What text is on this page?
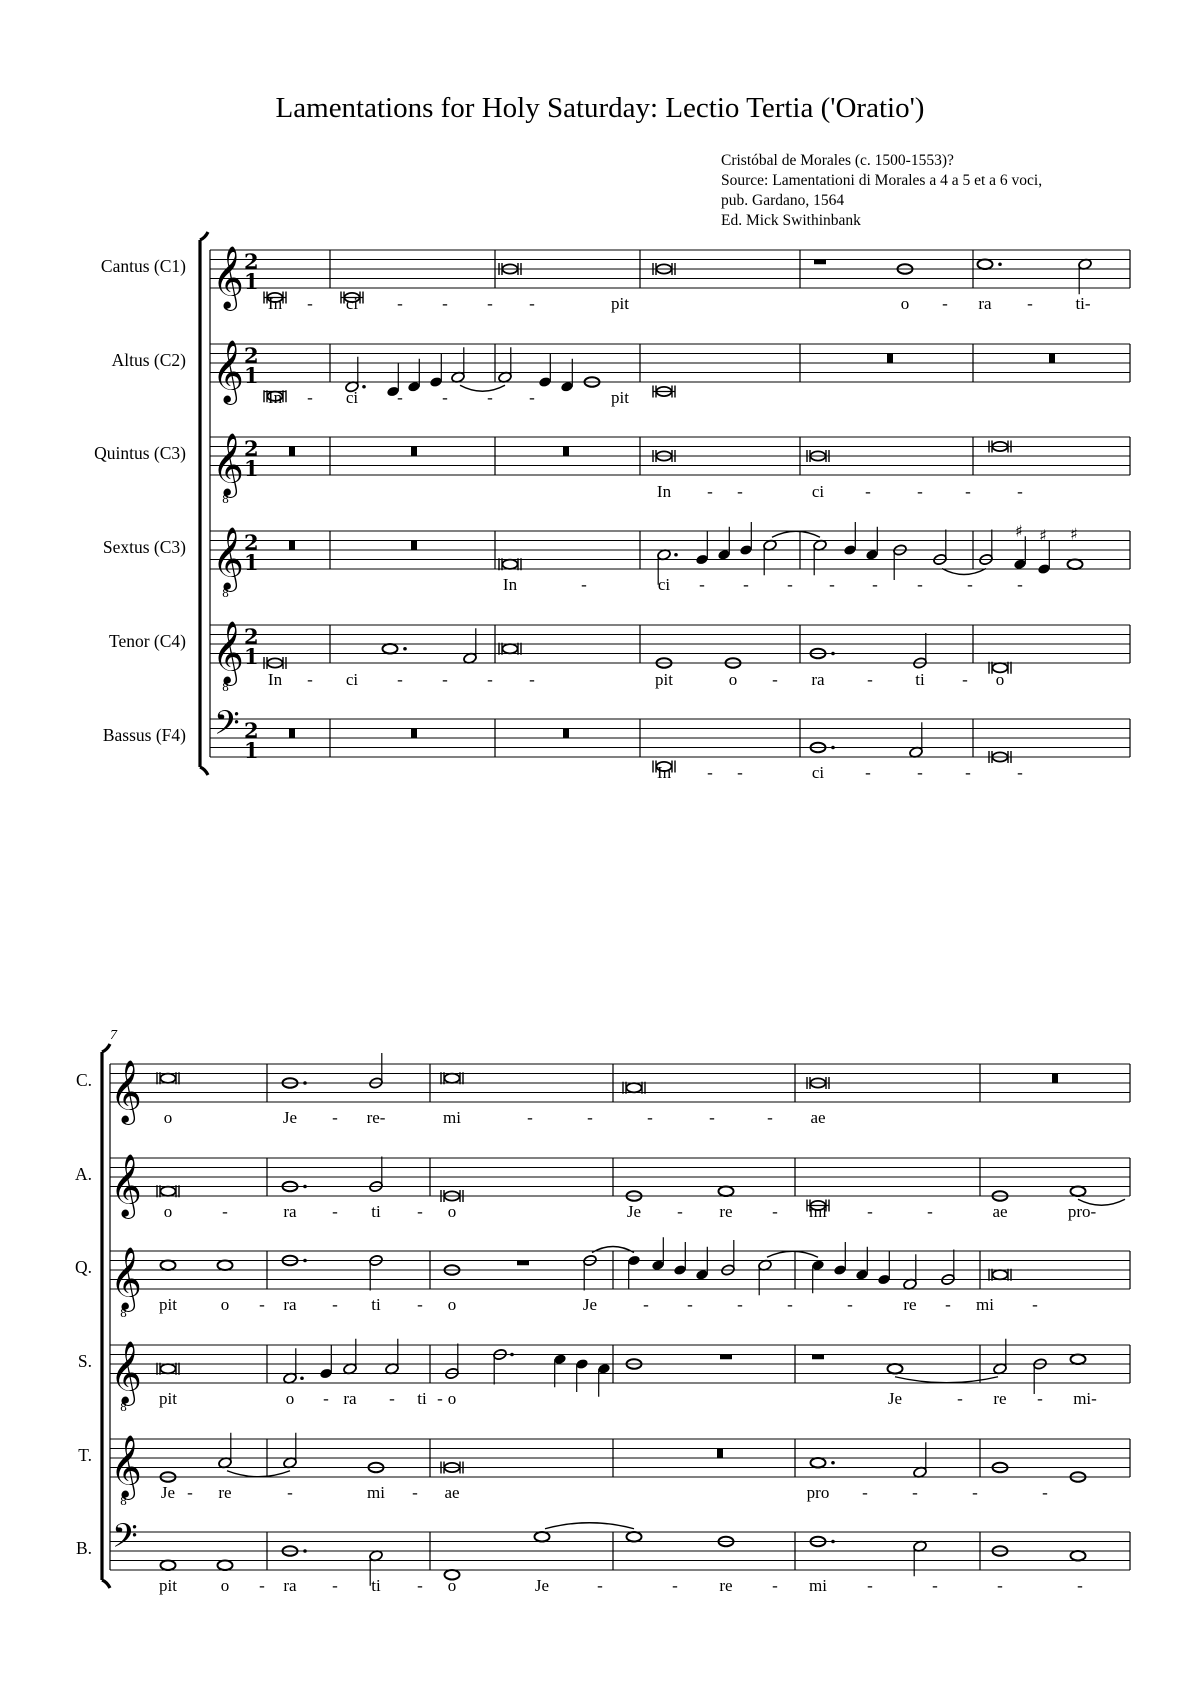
Lamentations for Holy Saturday: Lectio Tertia ('Oratio')
Cristóbal de Morales (c. 1500-1553)?
Source: Lamentationi di Morales a 4 a 5 et a 6 voci,
pub. Gardano, 1564
Ed. Mick Swithinbank
Cantus (C1)
Altus (C2)
Quintus (C3)
Sextus (C3)
Tenor (C4)
Bassus (F4)
C.
A.
Q.
S.
T.
B.
7
𝄞 2
1
𝄞 2
1
𝄞
8
2
1
𝄞
8
2
1
𝄞
8
2
1
𝄢 2
1
♯ ♯ ♯
𝄞
𝄞
𝄞
8
𝄞
8
𝄞
8
𝄢
In - ci - - - -	pit	o - ra -	ti-
In - ci - - - -	pit
In - -	ci -	- -	-
In	-	ci - - - - - -	-	-
In - ci - - - -	pit	o - ra	- ti - o
In - -	ci -	- -	-
o	Je - re-	mi	-	-	-	-	- ae
o	-	ra - ti - o	Je - re - mi -	-	ae	pro-
pit	o - ra - ti - o	Je	- -	-	-	-	re - mi -
pit	o - ra - ti - o	Je	- re - mi-
Je - re	-	mi - ae	pro -	-	-	-
pit	o - ra - ti - o	Je	-	- re - mi -	-	-	-
